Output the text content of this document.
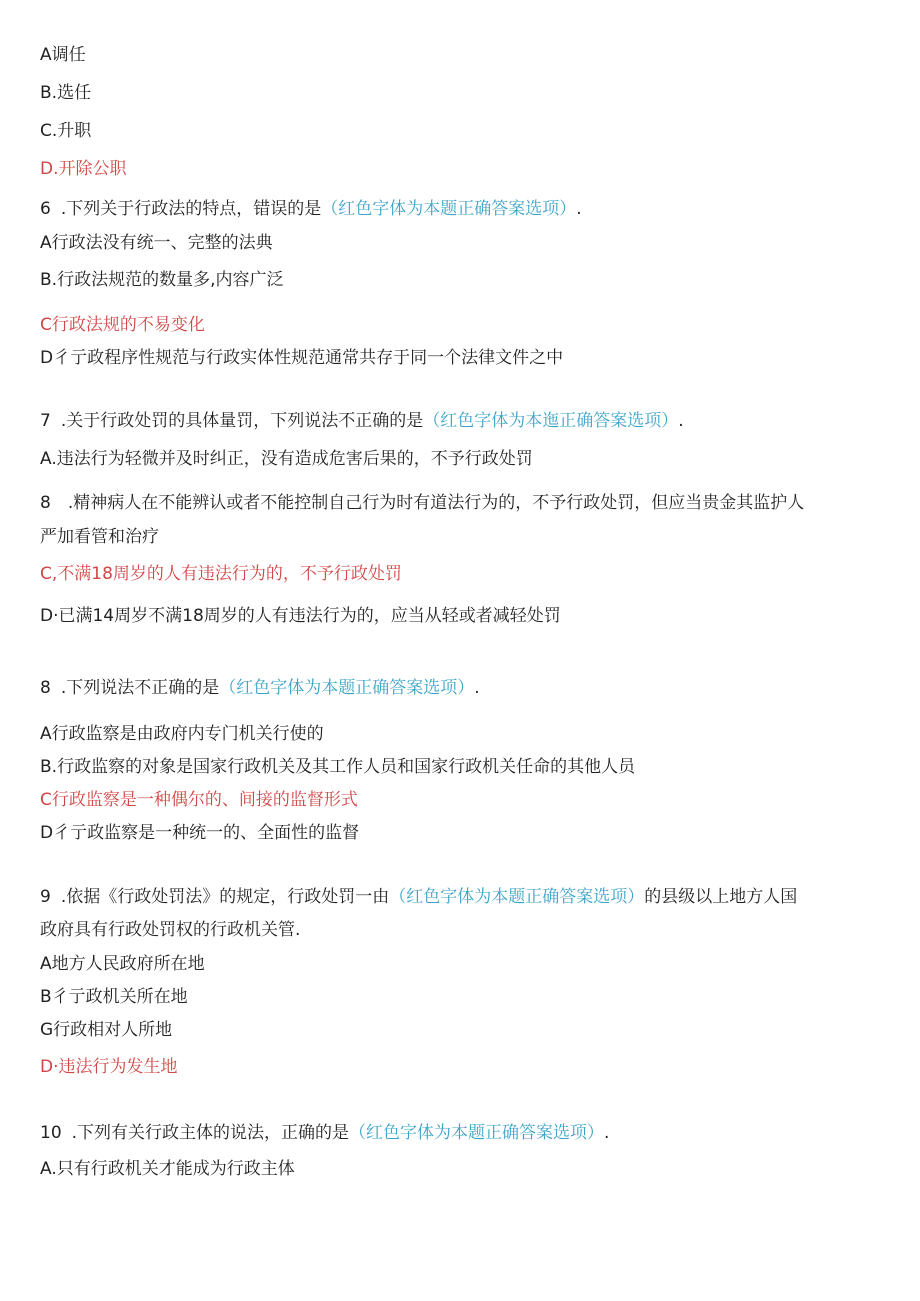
A调任
B.选任
C.升职
D.开除公职
6 .下列关于行政法的特点，错误的是（红色字体为本题正确答案选项）.
A行政法没有统一、完整的法典
B.行政法规范的数量多,内容广泛
C行政法规的不易变化
D彳亍政程序性规范与行政实体性规范通常共存于同一个法律文件之中
7 .关于行政处罚的具体量罚，下列说法不正确的是（红色字体为本迤正确答案选项）.
A.违法行为轻微并及时纠正，没有造成危害后果的，不予行政处罚
8　.精神病人在不能辨认或者不能控制自己行为时有道法行为的，不予行政处罚，但应当贵金其监护人
严加看管和治疗
C,不满18周岁的人有违法行为的，不予行政处罚
D·已满14周岁不满18周岁的人有违法行为的，应当从轻或者减轻处罚
8 .下列说法不正确的是（红色字体为本题正确答案选项）.
A行政监察是由政府内专门机关行使的
B.行政监察的对象是国家行政机关及其工作人员和国家行政机关任命的其他人员
C行政监察是一种偶尔的、间接的监督形式
D彳亍政监察是一种统一的、全面性的监督
9 .依据《行政处罚法》的规定，行政处罚一由（红色字体为本题正确答案选项）的县级以上地方人国
政府具有行政处罚权的行政机关管.
A地方人民政府所在地
B彳亍政机关所在地
G行政相对人所地
D·违法行为发生地
10 .下列有关行政主体的说法，正确的是（红色字体为本题正确答案选项）.
A.只有行政机关才能成为行政主体
